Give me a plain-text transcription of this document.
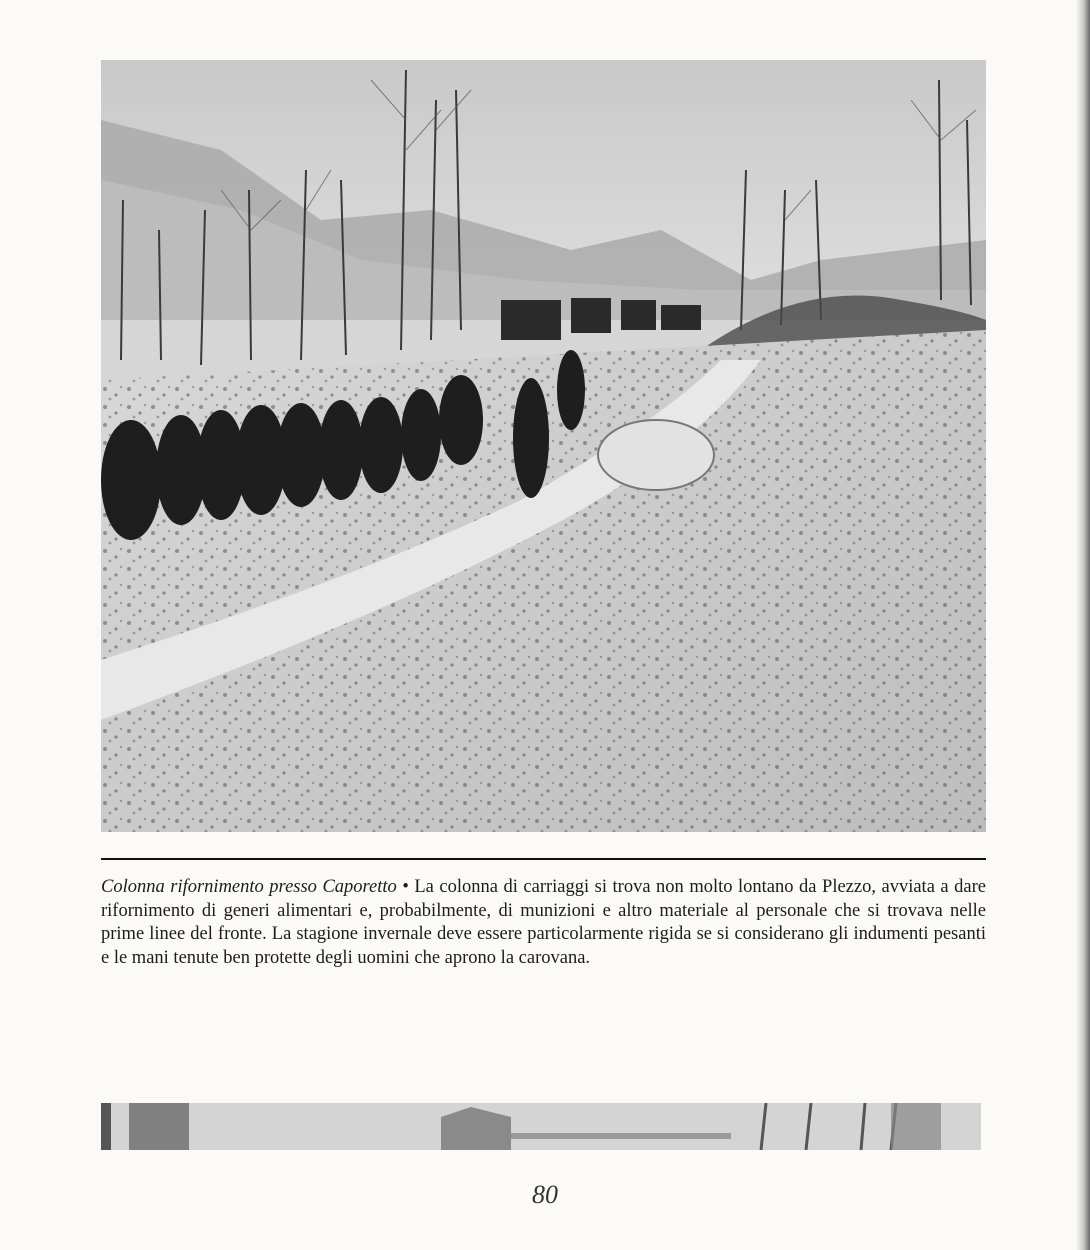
Colonna rifornimento presso Caporetto • La colonna di carriaggi si trova non molto lontano da Plezzo, avviata a dare rifornimento di generi alimentari e, probabilmente, di munizioni e altro materiale al personale che si trovava nelle prime linee del fronte. La stagione invernale deve essere particolarmente rigida se si considerano gli indumenti pesanti e le mani tenute ben protette degli uomini che aprono la carovana.
80
